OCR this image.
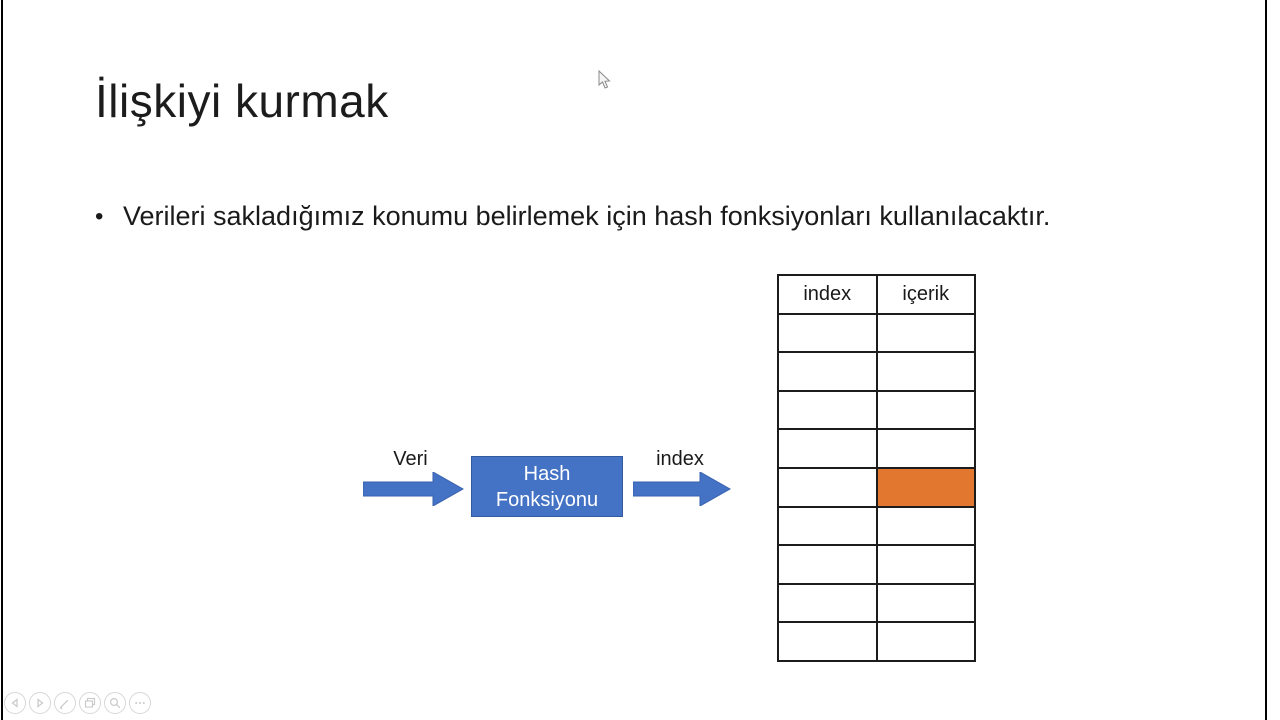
İlişkiyi kurmak
• Verileri sakladığımız konumu belirlemek için hash fonksiyonları kullanılacaktır.
Veri
Hash
Fonksiyonu
index
index	içerik
